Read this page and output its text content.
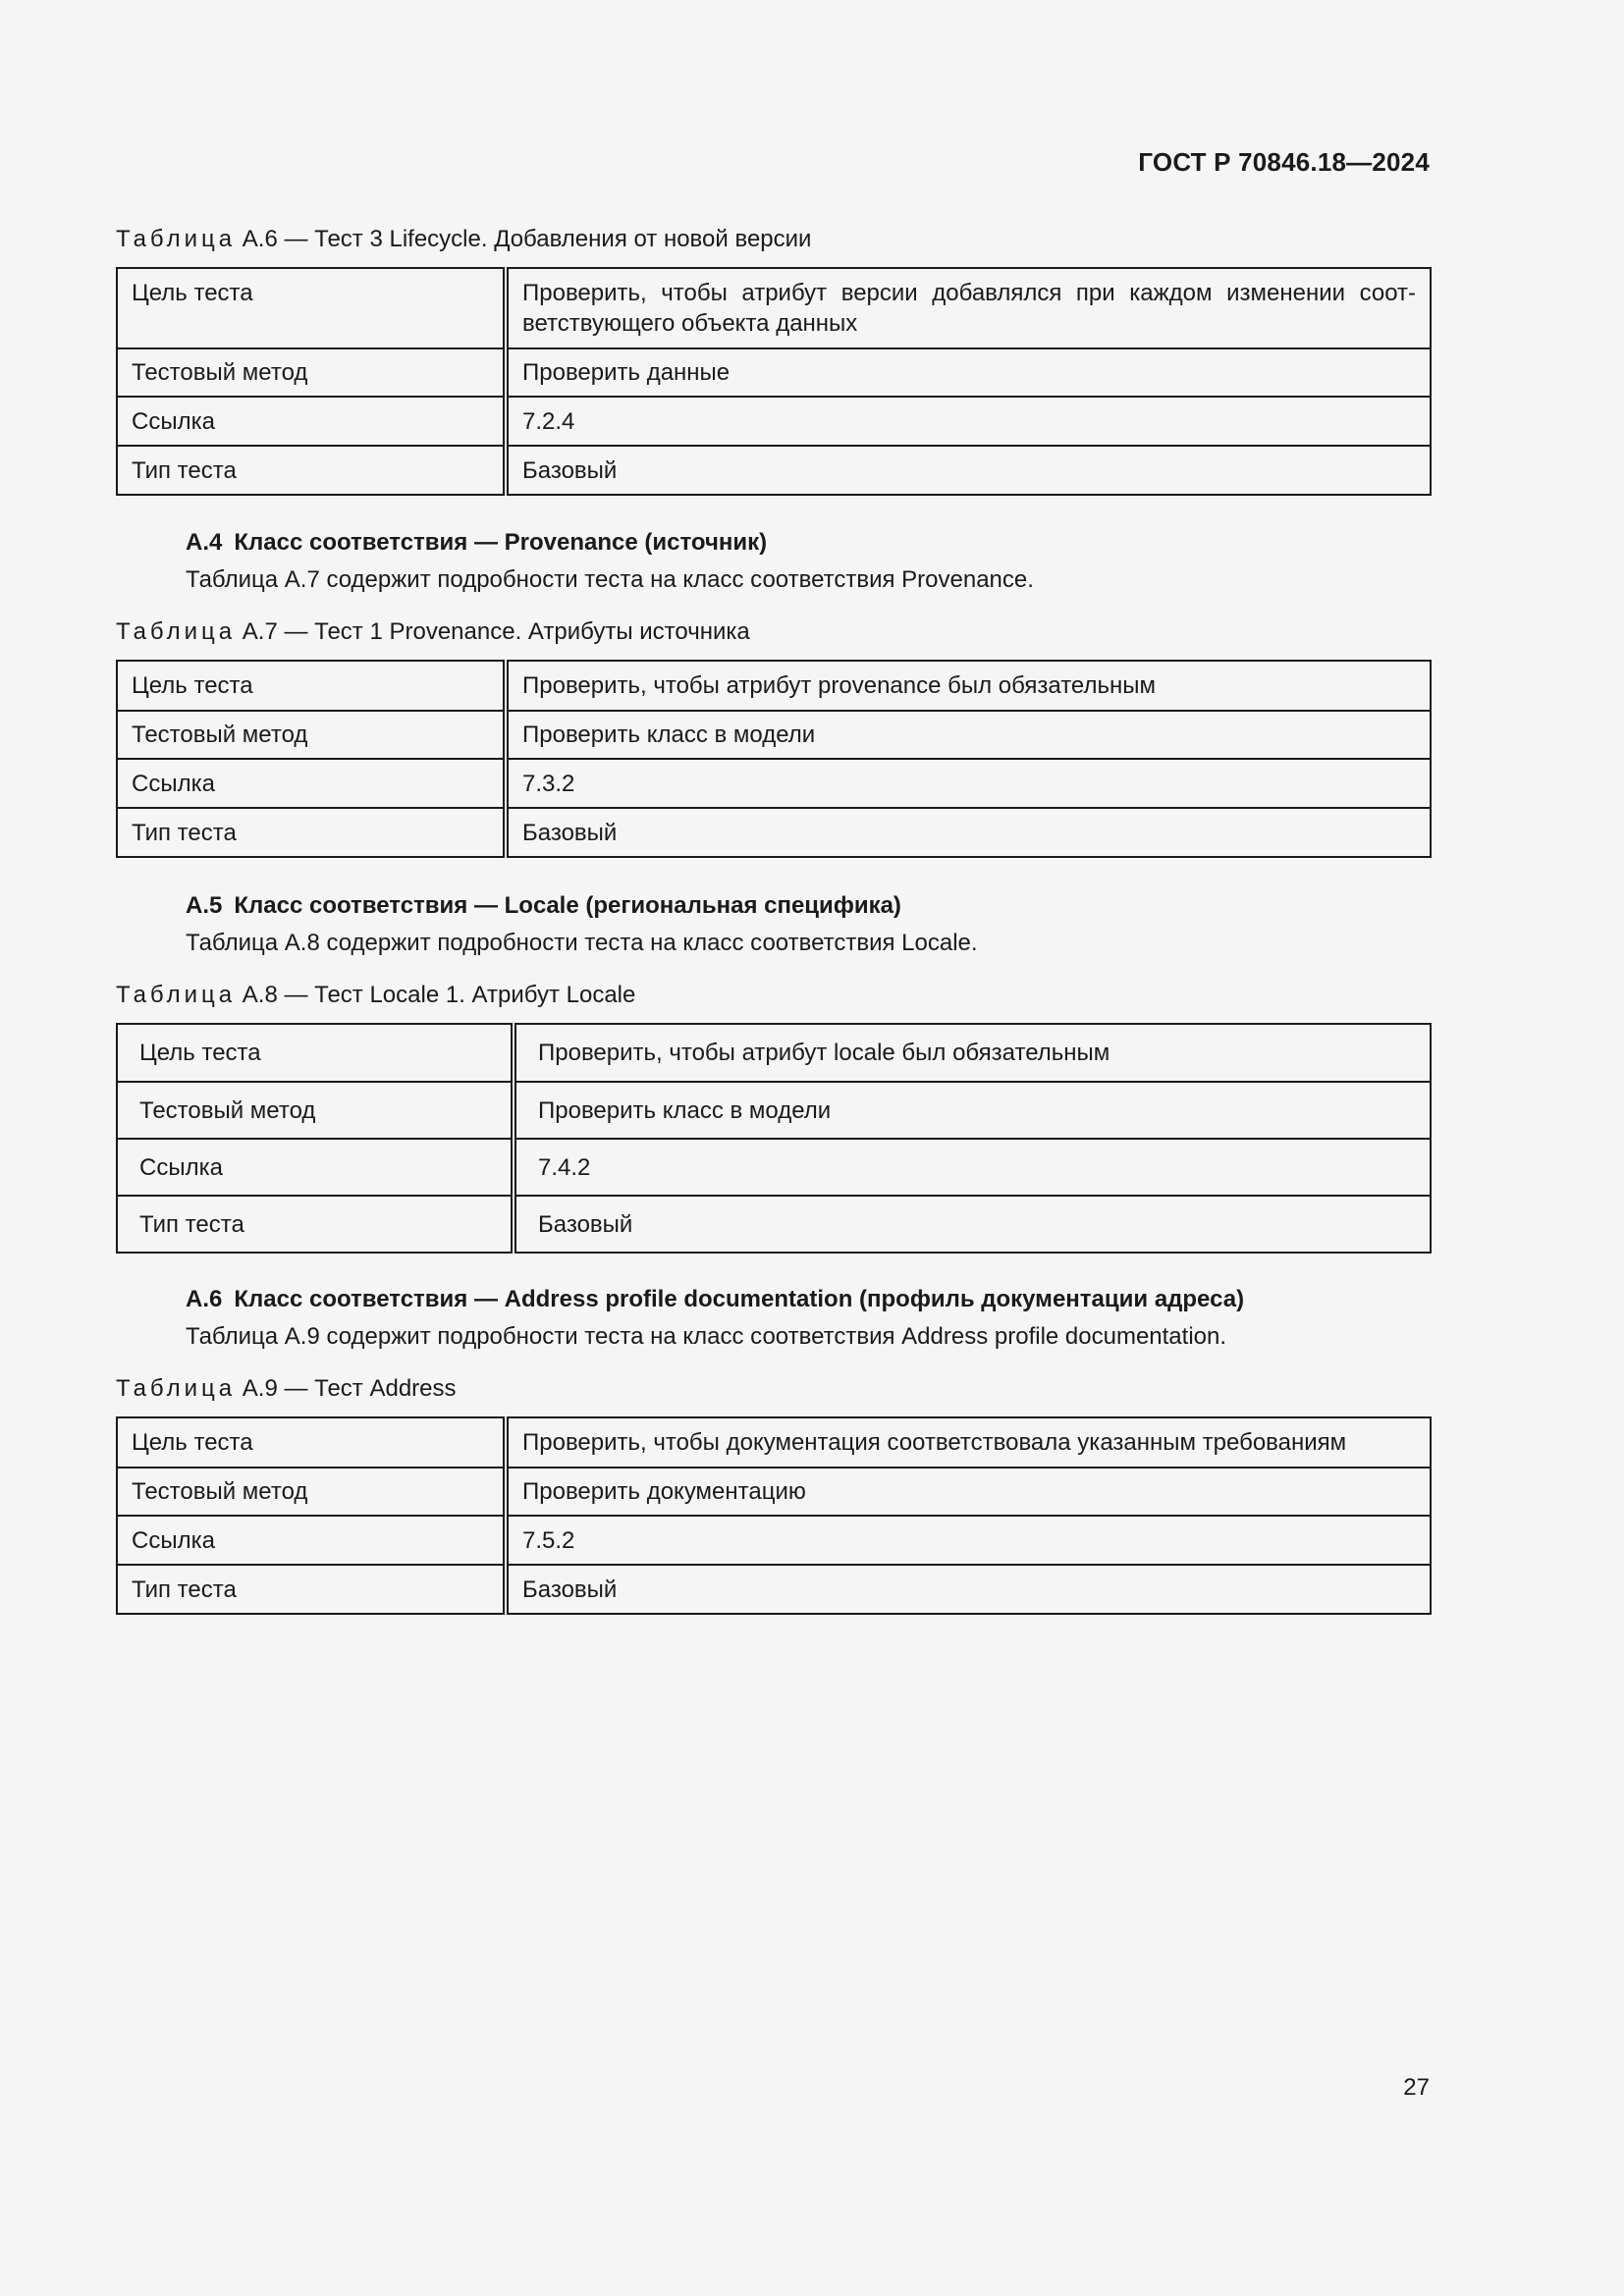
ГОСТ Р 70846.18—2024
Таблица А.6 — Тест 3 Lifecycle. Добавления от новой версии
Цель теста	Проверить, чтобы атрибут версии добавлялся при каждом изменении соот-ветствующего объекта данных
Тестовый метод	Проверить данные
Ссылка	7.2.4
Тип теста	Базовый
А.4 Класс соответствия — Provenance (источник)
Таблица А.7 содержит подробности теста на класс соответствия Provenance.
Таблица А.7 — Тест 1 Provenance. Атрибуты источника
Цель теста	Проверить, чтобы атрибут provenance был обязательным
Тестовый метод	Проверить класс в модели
Ссылка	7.3.2
Тип теста	Базовый
А.5 Класс соответствия — Locale (региональная специфика)
Таблица А.8 содержит подробности теста на класс соответствия Locale.
Таблица А.8 — Тест Locale 1. Атрибут Locale
Цель теста	Проверить, чтобы атрибут locale был обязательным
Тестовый метод	Проверить класс в модели
Ссылка	7.4.2
Тип теста	Базовый
А.6 Класс соответствия — Address profile documentation (профиль документации адреса)
Таблица А.9 содержит подробности теста на класс соответствия Address profile documentation.
Таблица А.9 — Тест Address
Цель теста	Проверить, чтобы документация соответствовала указанным требованиям
Тестовый метод	Проверить документацию
Ссылка	7.5.2
Тип теста	Базовый
27
